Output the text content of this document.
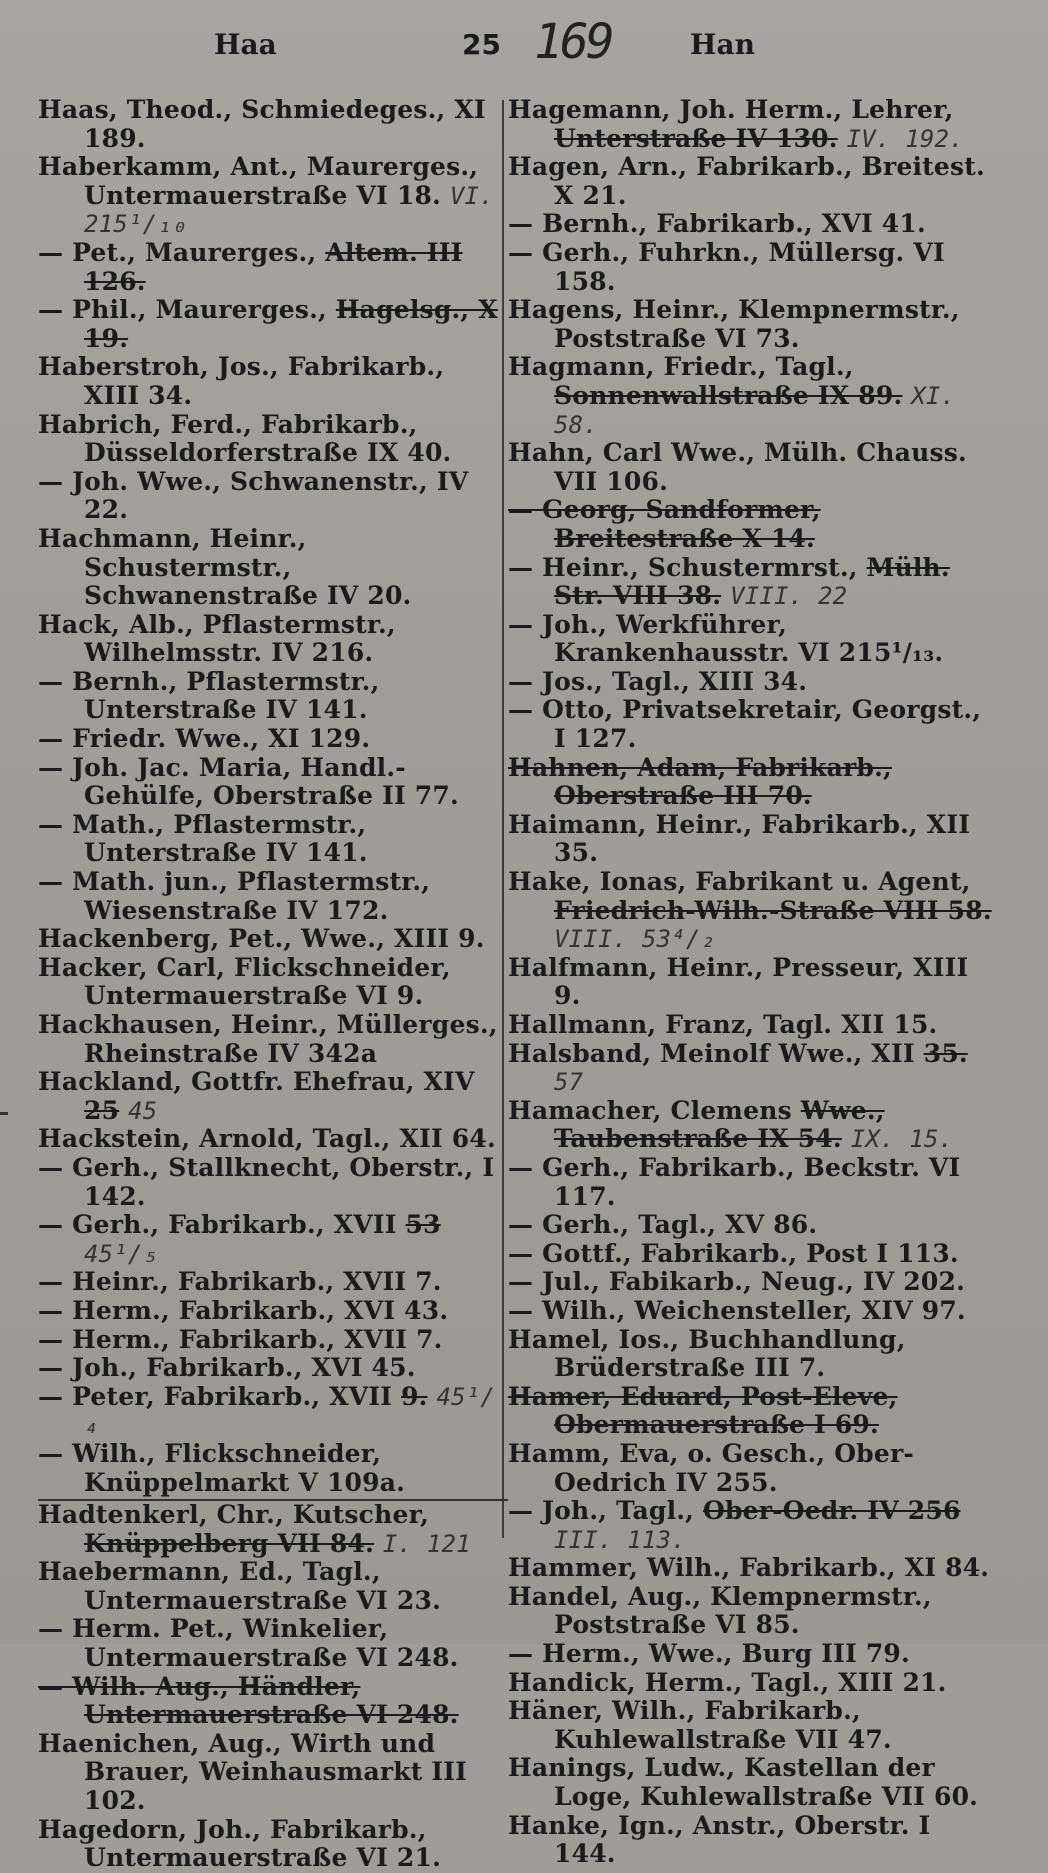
Haa	25 169	Han
Haas, Theod., Schmiedeges., XI 189.
Haberkamm, Ant., Maurerges., Untermauerstraße VI 18. VI. 215¹/₁₀
— Pet., Maurerges., Altem. III 126.
— Phil., Maurerges., Hagelsg., X 19.
Haberstroh, Jos., Fabrikarb., XIII 34.
Habrich, Ferd., Fabrikarb., Düsseldorferstraße IX 40.
— Joh. Wwe., Schwanenstr., IV 22.
Hachmann, Heinr., Schustermstr., Schwanenstraße IV 20.
Hack, Alb., Pflastermstr., Wilhelmsstr. IV 216.
— Bernh., Pflastermstr., Unterstraße IV 141.
— Friedr. Wwe., XI 129.
— Joh. Jac. Maria, Handl.-Gehülfe, Oberstraße II 77.
— Math., Pflastermstr., Unterstraße IV 141.
— Math. jun., Pflastermstr., Wiesenstraße IV 172.
Hackenberg, Pet., Wwe., XIII 9.
Hacker, Carl, Flickschneider, Untermauerstraße VI 9.
Hackhausen, Heinr., Müllerges., Rheinstraße IV 342a
Hackland, Gottfr. Ehefrau, XIV 25 45
Hackstein, Arnold, Tagl., XII 64.
— Gerh., Stallknecht, Oberstr., I 142.
— Gerh., Fabrikarb., XVII 53 45¹/₅
— Heinr., Fabrikarb., XVII 7.
— Herm., Fabrikarb., XVI 43.
— Herm., Fabrikarb., XVII 7.
— Joh., Fabrikarb., XVI 45.
— Peter, Fabrikarb., XVII 9. 45¹/₄
— Wilh., Flickschneider, Knüppelmarkt V 109a.
Hadtenkerl, Chr., Kutscher, Knüppelberg VII 84. I. 121
Haebermann, Ed., Tagl., Untermauerstraße VI 23.
— Herm. Pet., Winkelier, Untermauerstraße VI 248.
— Wilh. Aug., Händler, Untermauerstraße VI 248.
Haenichen, Aug., Wirth und Brauer, Weinhausmarkt III 102.
Hagedorn, Joh., Fabrikarb., Untermauerstraße VI 21.
Hagemann, Joh. Herm., Lehrer, Unterstraße IV 130. IV. 192.
Hagen, Arn., Fabrikarb., Breitest. X 21.
— Bernh., Fabrikarb., XVI 41.
— Gerh., Fuhrkn., Müllersg. VI 158.
Hagens, Heinr., Klempnermstr., Poststraße VI 73.
Hagmann, Friedr., Tagl., Sonnenwallstraße IX 89. XI. 58.
Hahn, Carl Wwe., Mülh. Chauss. VII 106.
— Georg, Sandformer, Breitestraße X 14.
— Heinr., Schustermrst., Mülh. Str. VIII 38. VIII. 22
— Joh., Werkführer, Krankenhausstr. VI 215¹/₁₃.
— Jos., Tagl., XIII 34.
— Otto, Privatsekretair, Georgst., I 127.
Hahnen, Adam, Fabrikarb., Oberstraße III 70.
Haimann, Heinr., Fabrikarb., XII 35.
Hake, Ionas, Fabrikant u. Agent, Friedrich-Wilh.-Straße VIII 58. VIII. 53⁴/₂
Halfmann, Heinr., Presseur, XIII 9.
Hallmann, Franz, Tagl. XII 15.
Halsband, Meinolf Wwe., XII 35. 57
Hamacher, Clemens Wwe., Taubenstraße IX 54. IX. 15.
— Gerh., Fabrikarb., Beckstr. VI 117.
— Gerh., Tagl., XV 86.
— Gottf., Fabrikarb., Post I 113.
— Jul., Fabikarb., Neug., IV 202.
— Wilh., Weichensteller, XIV 97.
Hamel, Ios., Buchhandlung, Brüderstraße III 7.
Hamer, Eduard, Post-Eleve, Obermauerstraße I 69.
Hamm, Eva, o. Gesch., Ober-Oedrich IV 255.
— Joh., Tagl., Ober-Oedr. IV 256 III. 113.
Hammer, Wilh., Fabrikarb., XI 84.
Handel, Aug., Klempnermstr., Poststraße VI 85.
— Herm., Wwe., Burg III 79.
Handick, Herm., Tagl., XIII 21.
Häner, Wilh., Fabrikarb., Kuhlewallstraße VII 47.
Hanings, Ludw., Kastellan der Loge, Kuhlewallstraße VII 60.
Hanke, Ign., Anstr., Oberstr. I 144.
